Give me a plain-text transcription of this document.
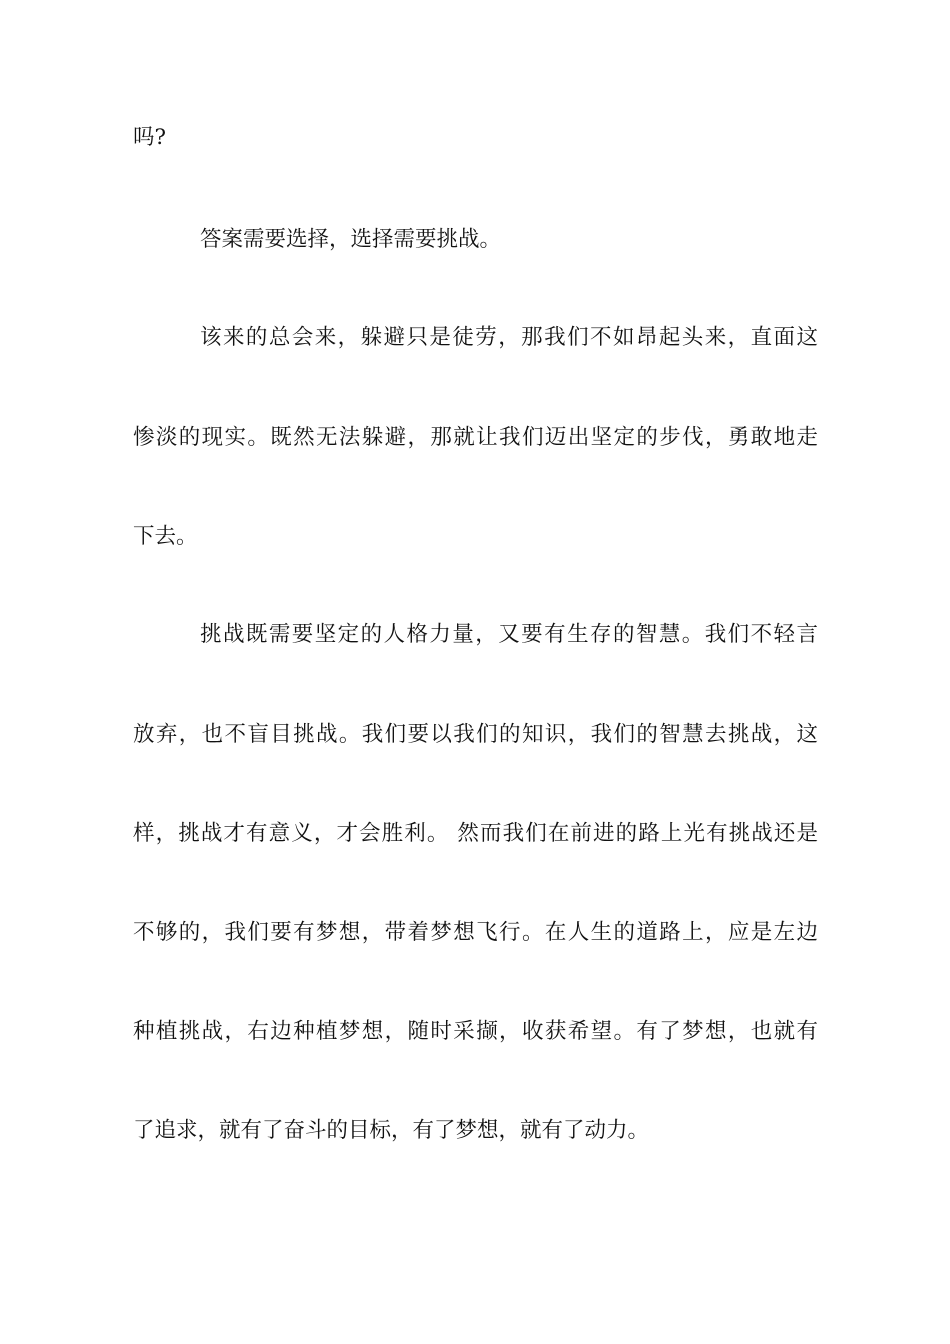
吗?
答案需要选择，选择需要挑战。
该来的总会来，躲避只是徒劳，那我们不如昂起头来，直面这
惨淡的现实。既然无法躲避，那就让我们迈出坚定的步伐，勇敢地走
下去。
挑战既需要坚定的人格力量，又要有生存的智慧。我们不轻言
放弃，也不盲目挑战。我们要以我们的知识，我们的智慧去挑战，这
样，挑战才有意义，才会胜利。 然而我们在前进的路上光有挑战还是
不够的，我们要有梦想，带着梦想飞行。在人生的道路上，应是左边
种植挑战，右边种植梦想，随时采撷，收获希望。有了梦想，也就有
了追求，就有了奋斗的目标，有了梦想，就有了动力。
